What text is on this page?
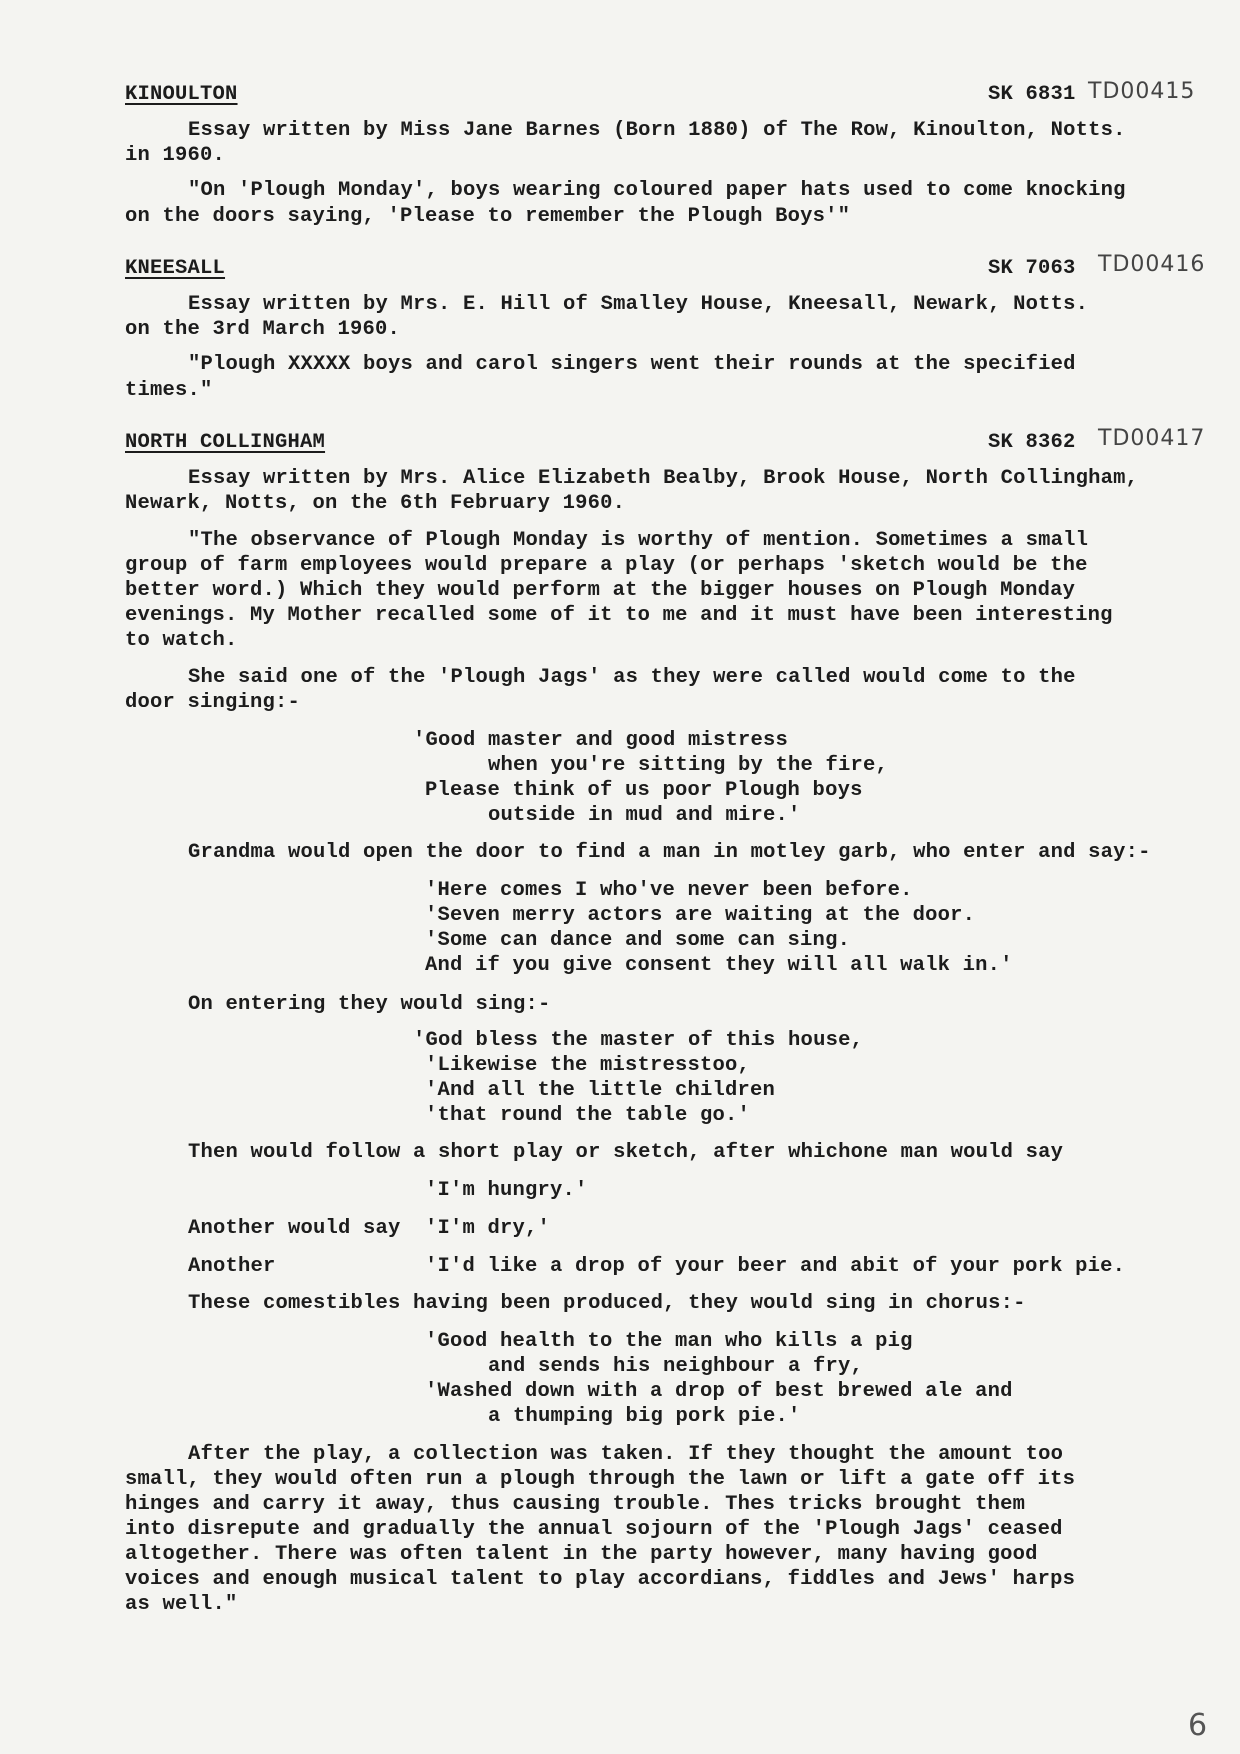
KINOULTON	SK 6831 TD00415
Essay written by Miss Jane Barnes (Born 1880) of The Row, Kinoulton, Notts.
in 1960.
"On 'Plough Monday', boys wearing coloured paper hats used to come knocking
on the doors saying, 'Please to remember the Plough Boys'"
KNEESALL	SK 7063 TD00416
Essay written by Mrs. E. Hill of Smalley House, Kneesall, Newark, Notts.
on the 3rd March 1960.
"Plough XXXXX boys and carol singers went their rounds at the specified
times."
NORTH COLLINGHAM	SK 8362 TD00417
Essay written by Mrs. Alice Elizabeth Bealby, Brook House, North Collingham,
Newark, Notts, on the 6th February 1960.
"The observance of Plough Monday is worthy of mention. Sometimes a small
group of farm employees would prepare a play (or perhaps 'sketch would be the
better word.) Which they would perform at the bigger houses on Plough Monday
evenings. My Mother recalled some of it to me and it must have been interesting
to watch.
She said one of the 'Plough Jags' as they were called would come to the
door singing:-
'Good master and good mistress
when you're sitting by the fire,
Please think of us poor Plough boys
outside in mud and mire.'
Grandma would open the door to find a man in motley garb, who enter and say:-
'Here comes I who've never been before.
'Seven merry actors are waiting at the door.
'Some can dance and some can sing.
And if you give consent they will all walk in.'
On entering they would sing:-
'God bless the master of this house,
'Likewise the mistresstoo,
'And all the little children
'that round the table go.'
Then would follow a short play or sketch, after whichone man would say
'I'm hungry.'
Another would say 'I'm dry,'
Another	'I'd like a drop of your beer and abit of your pork pie.
These comestibles having been produced, they would sing in chorus:-
'Good health to the man who kills a pig
and sends his neighbour a fry,
'Washed down with a drop of best brewed ale and
a thumping big pork pie.'
After the play, a collection was taken. If they thought the amount too
small, they would often run a plough through the lawn or lift a gate off its
hinges and carry it away, thus causing trouble. Thes tricks brought them
into disrepute and gradually the annual sojourn of the 'Plough Jags' ceased
altogether. There was often talent in the party however, many having good
voices and enough musical talent to play accordians, fiddles and Jews' harps
as well."
6
